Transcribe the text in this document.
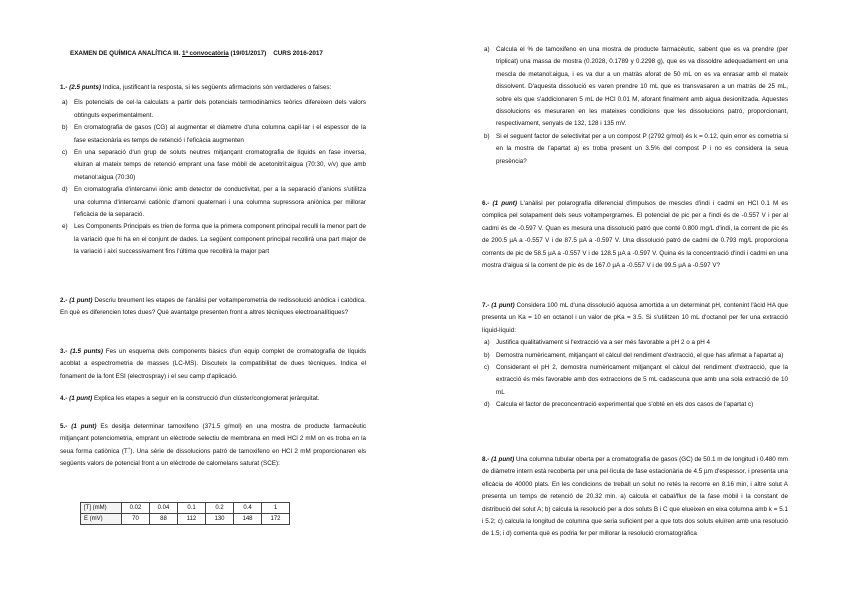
EXAMEN DE QUÍMICA ANALÍTICA III. 1ª convocatòria (19/01/2017) CURS 2016-2017
1.- (2.5 punts) Indica, justificant la resposta, si les següents afirmacions són verdaderes o falses:
a) Els potencials de cel·la calculats a partir dels potencials termodinàmics teòrics difereixen dels valors obtinguts experimentalment.
b) En cromatografia de gasos (CG) al augmentar el diàmetre d'una columna capil·lar i el espessor de la fase estacionària es temps de retenció i l'eficàcia augmenten
c) En una separació d'un grup de soluts neutres mitjançant cromatografia de líquids en fase inversa, eluiran al mateix temps de retenció emprant una fase mòbil de acetonitril:aigua (70:30, v/v) que amb metanol:aigua (70:30)
d) En cromatografia d'intercanvi iònic amb detector de conductivitat, per a la separació d'anions s'utilitza una columna d'intercanvi catiònic d'amoni quaternari i una columna supressora aniònica per millorar l'eficàcia de la separació.
e) Les Components Principals es trien de forma que la primera component principal reculli la menor part de la variació que hi ha en el conjunt de dades. La següent component principal recollirà una part major de la variació i així successivament fins l'última que recollirà la major part
2.- (1 punt) Descriu breument les etapes de l'anàlisi per voltamperometria de redissolució anòdica i catòdica. En què es diferencien totes dues? Què avantatge presenten front a altres tècniques electroanalítiques?
3.- (1.5 punts) Fes un esquema dels components bàsics d'un equip complet de cromatografia de líquids acoblat a espectrometria de masses (LC-MS). Discuteix la compatibilitat de dues tècniques. Indica el fonament de la font ESI (electrospray) i el seu camp d'aplicació.
4.- (1 punt) Explica les etapes a seguir en la construcció d'un clúster/conglomerat jeràrquitat.
5.- (1 punt) Es desitja determinar tamoxifeno (371.5 g/mol) en una mostra de producte farmacèutic mitjançant potenciometria, emprant un elèctrode selectiu de membrana en medi HCl 2 mM on es troba en la seua forma catiònica (T+). Una sèrie de dissolucions patró de tamoxifeno en HCl 2 mM proporcionaren els següents valors de potencial front a un elèctrode de calomelans saturat (SCE):
[T] (mM)	0.02	0.04	0.1	0.2	0.4	1
E (mV)	70	88	112	130	148	172
a) Calcula el % de tamoxifeno en una mostra de producte farmacèutic, sabent que es va prendre (per triplicat) una massa de mostra (0.2028, 0.1789 y 0.2298 g), que es va dissoldre adequadament en una mescla de metanol:aigua, i es va dur a un matràs aforat de 50 mL on es va enrasar amb el mateix dissolvent. D'aquesta dissolució es varen prendre 10 mL que es transvasaren a un matràs de 25 mL, sobre els que s'addicionaren 5 mL de HCl 0.01 M, aforant finalment amb aigua desionitzada. Aquestes dissolucions es mesuraren en les mateixes condicions que les dissolucions patró, proporcionant, respectivament, senyals de 132, 128 i 135 mV.
b) Si el seguent factor de selectivitat per a un compost P (2792 g/mol) és k = 0.12, quin error es cometria si en la mostra de l'apartat a) es troba present un 3.5% del compost P i no es considera la seua presència?
6.- (1 punt) L'anàlisi per polarografia diferencial d'impulsos de mescles d'indi i cadmi en HCl 0.1 M es complica pel solapament dels seus voltampergrames. El potencial de pic per a l'indi és de -0.557 V i per al cadmi és de -0.597 V. Quan es mesura una dissolució patró que conté 0.800 mg/L d'indi, la corrent de pic és de 200.5 µA a -0.557 V i de 87.5 µA a -0.597 V. Una dissolució patró de cadmi de 0.793 mg/L proporciona corrents de pic de 58.5 µA a -0.557 V i de 128.5 µA a -0.597 V. Quina és la concentració d'indi i cadmi en una mostra d'aigua si la corrent de pic és de 167.0 µA a -0.557 V i de 99.5 µA a -0.597 V?
7.- (1 punt) Considera 100 mL d'una dissolució aquosa amortida a un determinat pH, contenint l'àcid HA que presenta un Ka = 10 en octanol i un valor de pKa = 3.5. Si s'utilitzen 10 mL d'octanol per fer una extracció líquid-líquid:
a) Justifica qualitativament si l'extracció va a ser més favorable a pH 2 o a pH 4
b) Demostra numèricament, mitjançant el càlcul del rendiment d'extracció, el que has afirmat a l'apartat a)
c) Considerant el pH 2, demostra numèricament mitjançant el càlcul del rendiment d'extracció, que la extracció és més favorable amb dos extraccions de 5 mL cadascuna que amb una sola extracció de 10 mL
d) Calcula el factor de preconcentració experimental que s'obté en els dos casos de l'apartat c)
8.- (1 punt) Una columna tubular oberta per a cromatografia de gasos (GC) de 50.1 m de longitud i 0.480 mm de diàmetre intern està recoberta per una pel·lícula de fase estacionària de 4.5 µm d'espessor, i presenta una eficàcia de 40000 plats. En les condicions de treball un solut no retés la recorre en 8.16 min, i altre solut A presenta un temps de retenció de 20.32 min. a) calcula el cabal/flux de la fase mòbil i la constant de distribució del solut A; b) calcula la resolució per a dos soluts B i C que elueixen en eixa columna amb k = 5.1 i 5.2; c) calcula la longitud de columna que seria suficient per a que tots dos soluts eluïren amb una resolució de 1.5; i d) comenta què es podria fer per millorar la resolució cromatogràfica
